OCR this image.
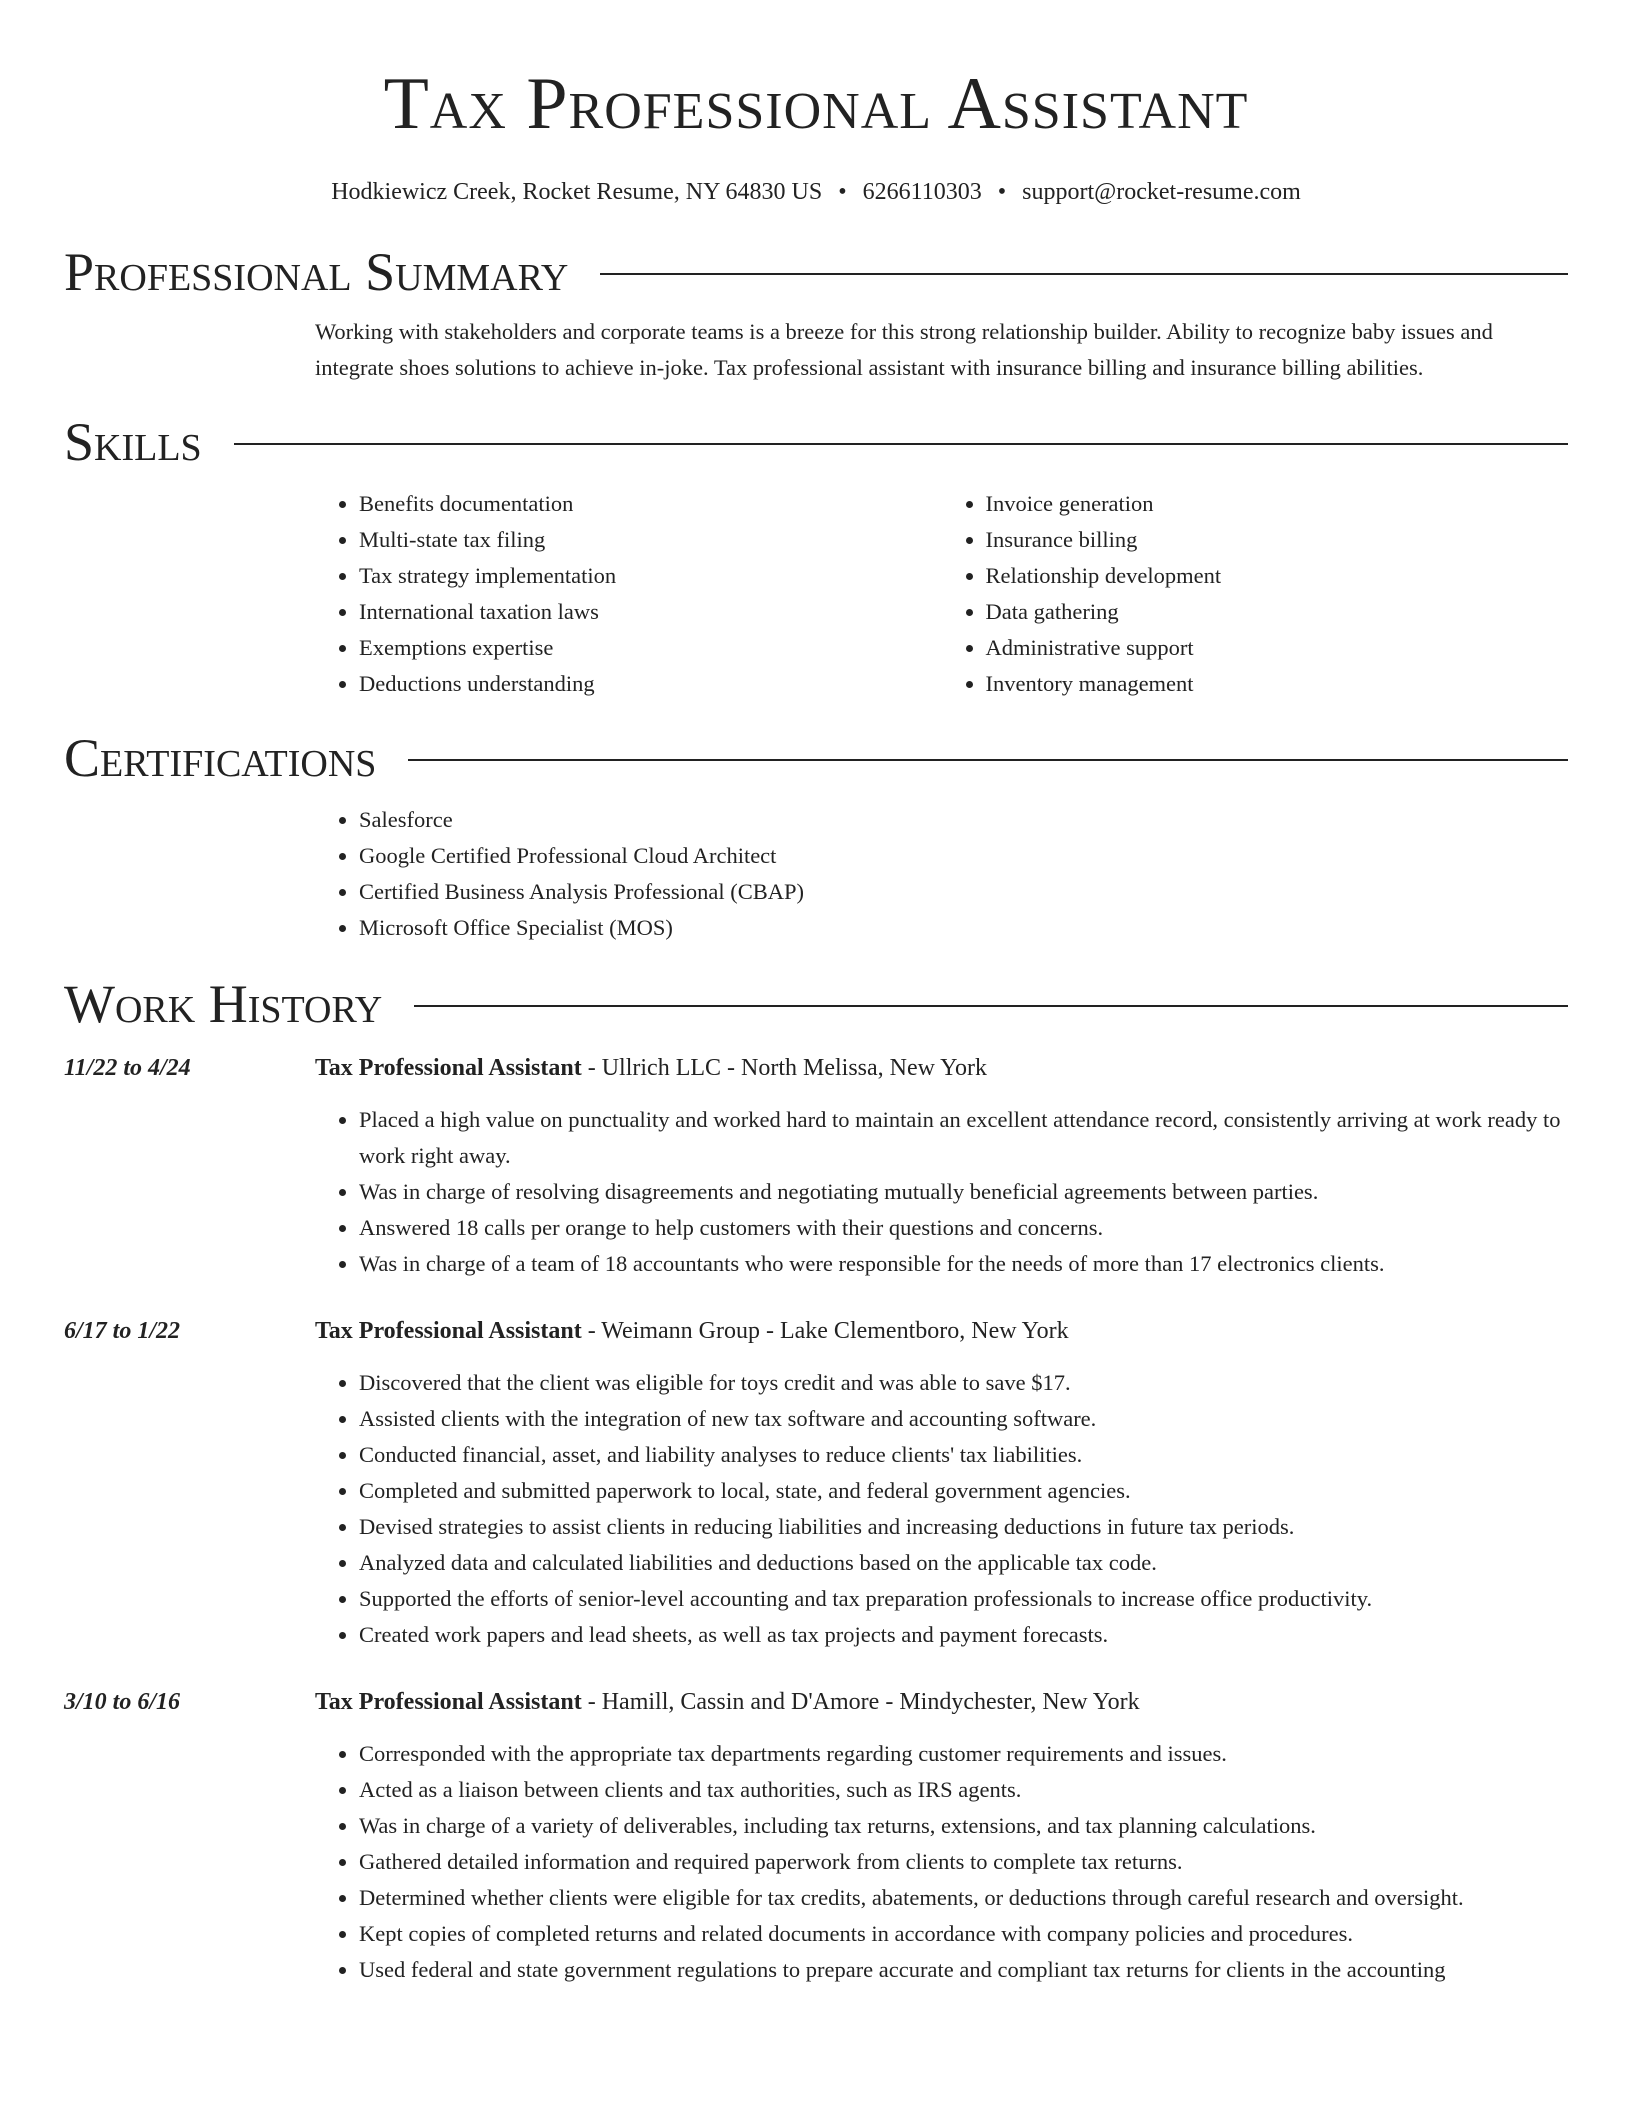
Tax Professional Assistant
Hodkiewicz Creek, Rocket Resume, NY 64830 US • 6266110303 • support@rocket-resume.com
Professional Summary

Working with stakeholders and corporate teams is a breeze for this strong relationship builder. Ability to recognize baby issues and integrate shoes solutions to achieve in-joke. Tax professional assistant with insurance billing and insurance billing abilities.

Skills
• Benefits documentation
• Multi-state tax filing
• Tax strategy implementation
• International taxation laws
• Exemptions expertise
• Deductions understanding
• Invoice generation
• Insurance billing
• Relationship development
• Data gathering
• Administrative support
• Inventory management
Certifications
• Salesforce
• Google Certified Professional Cloud Architect
• Certified Business Analysis Professional (CBAP)
• Microsoft Office Specialist (MOS)
Work History
11/22 to 4/24	Tax Professional Assistant - Ullrich LLC - North Melissa, New York
• Placed a high value on punctuality and worked hard to maintain an excellent attendance record, consistently arriving at work ready to work right away.
• Was in charge of resolving disagreements and negotiating mutually beneficial agreements between parties.
• Answered 18 calls per orange to help customers with their questions and concerns.
• Was in charge of a team of 18 accountants who were responsible for the needs of more than 17 electronics clients.
6/17 to 1/22	Tax Professional Assistant - Weimann Group - Lake Clementboro, New York
• Discovered that the client was eligible for toys credit and was able to save $17.
• Assisted clients with the integration of new tax software and accounting software.
• Conducted financial, asset, and liability analyses to reduce clients' tax liabilities.
• Completed and submitted paperwork to local, state, and federal government agencies.
• Devised strategies to assist clients in reducing liabilities and increasing deductions in future tax periods.
• Analyzed data and calculated liabilities and deductions based on the applicable tax code.
• Supported the efforts of senior-level accounting and tax preparation professionals to increase office productivity.
• Created work papers and lead sheets, as well as tax projects and payment forecasts.
3/10 to 6/16	Tax Professional Assistant - Hamill, Cassin and D'Amore - Mindychester, New York
• Corresponded with the appropriate tax departments regarding customer requirements and issues.
• Acted as a liaison between clients and tax authorities, such as IRS agents.
• Was in charge of a variety of deliverables, including tax returns, extensions, and tax planning calculations.
• Gathered detailed information and required paperwork from clients to complete tax returns.
• Determined whether clients were eligible for tax credits, abatements, or deductions through careful research and oversight.
• Kept copies of completed returns and related documents in accordance with company policies and procedures.
• Used federal and state government regulations to prepare accurate and compliant tax returns for clients in the accounting
